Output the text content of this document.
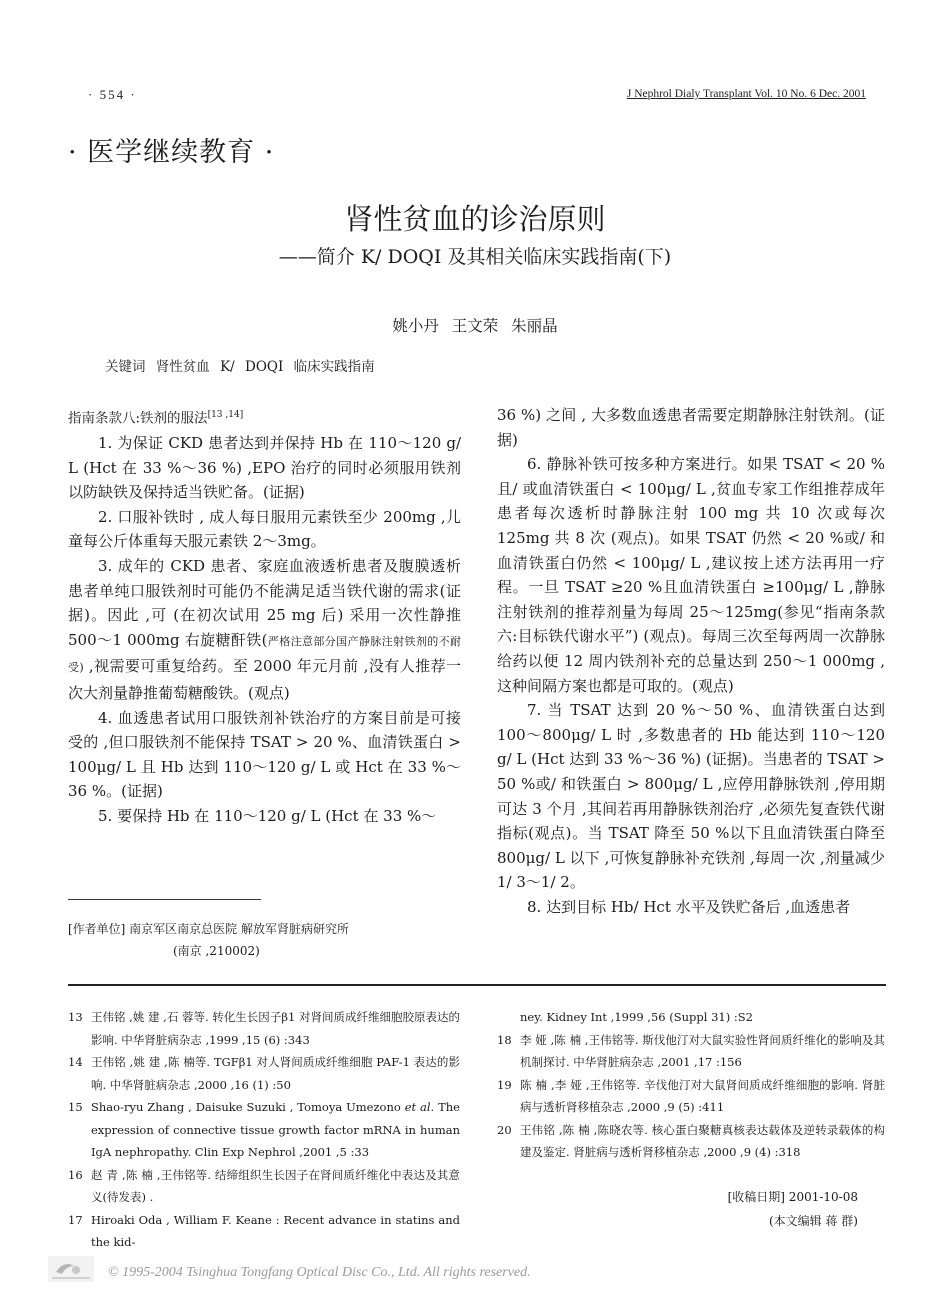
· 554 ·	J Nephrol Dialy Transplant Vol. 10 No. 6 Dec. 2001
· 医学继续教育 ·
肾性贫血的诊治原则
——简介 K/ DOQI 及其相关临床实践指南(下)
姚小丹 王文荣 朱丽晶
关键词 肾性贫血 K/ DOQI 临床实践指南

指南条款八:铁剂的服法[13 ,14]

1. 为保证 CKD 患者达到并保持 Hb 在 110～120 g/ L (Hct 在 33 %～36 %) ,EPO 治疗的同时必须服用铁剂以防缺铁及保持适当铁贮备。(证据)

2. 口服补铁时 , 成人每日服用元素铁至少 200mg ,儿童每公斤体重每天服元素铁 2～3mg。

3. 成年的 CKD 患者、家庭血液透析患者及腹膜透析患者单纯口服铁剂时可能仍不能满足适当铁代谢的需求(证据)。因此 ,可 (在初次试用 25 mg 后) 采用一次性静推 500～1 000mg 右旋糖酐铁(严格注意部分国产静脉注射铁剂的不耐受) ,视需要可重复给药。至 2000 年元月前 ,没有人推荐一次大剂量静推葡萄糖酸铁。(观点)

4. 血透患者试用口服铁剂补铁治疗的方案目前是可接受的 ,但口服铁剂不能保持 TSAT > 20 %、血清铁蛋白 > 100μg/ L 且 Hb 达到 110～120 g/ L 或 Hct 在 33 %～36 %。(证据)

5. 要保持 Hb 在 110～120 g/ L (Hct 在 33 %～

36 %) 之间 , 大多数血透患者需要定期静脉注射铁剂。(证据)

6. 静脉补铁可按多种方案进行。如果 TSAT < 20 %且/ 或血清铁蛋白 < 100μg/ L ,贫血专家工作组推荐成年患者每次透析时静脉注射 100 mg 共 10 次或每次 125mg 共 8 次 (观点)。如果 TSAT 仍然 < 20 %或/ 和血清铁蛋白仍然 < 100μg/ L ,建议按上述方法再用一疗程。一旦 TSAT ≥20 %且血清铁蛋白 ≥100μg/ L ,静脉注射铁剂的推荐剂量为每周 25～125mg(参见“指南条款六:目标铁代谢水平”) (观点)。每周三次至每两周一次静脉给药以便 12 周内铁剂补充的总量达到 250～1 000mg ,这种间隔方案也都是可取的。(观点)

7. 当 TSAT 达到 20 %～50 %、血清铁蛋白达到 100～800μg/ L 时 ,多数患者的 Hb 能达到 110～120 g/ L (Hct 达到 33 %～36 %) (证据)。当患者的 TSAT > 50 %或/ 和铁蛋白 > 800μg/ L ,应停用静脉铁剂 ,停用期可达 3 个月 ,其间若再用静脉铁剂治疗 ,必须先复查铁代谢指标(观点)。当 TSAT 降至 50 %以下且血清铁蛋白降至 800μg/ L 以下 ,可恢复静脉补充铁剂 ,每周一次 ,剂量减少 1/ 3～1/ 2。

8. 达到目标 Hb/ Hct 水平及铁贮备后 ,血透患者

[作者单位] 南京军区南京总医院 解放军肾脏病研究所
(南京 ,210002)
13 王伟铭 ,姚 建 ,石 蓉等. 转化生长因子β1 对肾间质成纤维细胞胶原表达的影响. 中华肾脏病杂志 ,1999 ,15 (6) :343
14 王伟铭 ,姚 建 ,陈 楠等. TGFβ1 对人肾间质成纤维细胞 PAF-1 表达的影响. 中华肾脏病杂志 ,2000 ,16 (1) :50
15 Shao-ryu Zhang , Daisuke Suzuki , Tomoya Umezono et al. The expression of connective tissue growth factor mRNA in human IgA nephropathy. Clin Exp Nephrol ,2001 ,5 :33
16 赵 青 ,陈 楠 ,王伟铭等. 结缔组织生长因子在肾间质纤维化中表达及其意义(待发表) .
17 Hiroaki Oda , William F. Keane : Recent advance in statins and the kid-
ney. Kidney Int ,1999 ,56 (Suppl 31) :S2
18 李 娅 ,陈 楠 ,王伟铭等. 斯伐他汀对大鼠实验性肾间质纤维化的影响及其机制探讨. 中华肾脏病杂志 ,2001 ,17 :156
19 陈 楠 ,李 娅 ,王伟铭等. 辛伐他汀对大鼠肾间质成纤维细胞的影响. 肾脏病与透析肾移植杂志 ,2000 ,9 (5) :411
20 王伟铭 ,陈 楠 ,陈晓农等. 核心蛋白聚糖真核表达载体及逆转录载体的构建及鉴定. 肾脏病与透析肾移植杂志 ,2000 ,9 (4) :318
[收稿日期] 2001-10-08
(本文编辑 蒋 群)
© 1995-2004 Tsinghua Tongfang Optical Disc Co., Ltd. All rights reserved.
